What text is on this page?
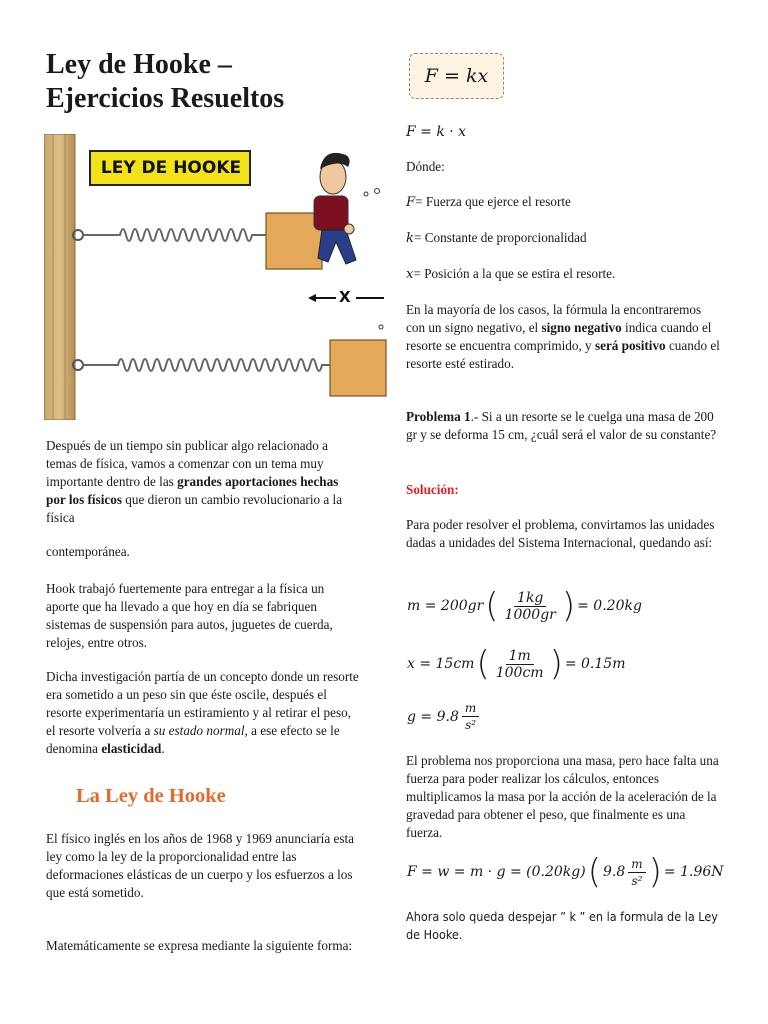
Ley de Hooke –
Ejercicios Resueltos
LEY DE HOOKE
X

Después de un tiempo sin publicar algo relacionado a temas de física, vamos a comenzar con un tema muy importante dentro de las grandes aportaciones hechas por los físicos que dieron un cambio revolucionario a la física

contemporánea.

Hook trabajó fuertemente para entregar a la física un aporte que ha llevado a que hoy en día se fabriquen sistemas de suspensión para autos, juguetes de cuerda, relojes, entre otros.

Dicha investigación partía de un concepto donde un resorte era sometido a un peso sin que éste oscile, después el resorte experimentaría un estiramiento y al retirar el peso, el resorte volvería a su estado normal, a ese efecto se le denomina elasticidad.

La Ley de Hooke

El físico inglés en los años de 1968 y 1969 anunciaría esta ley como la ley de la proporcionalidad entre las deformaciones elásticas de un cuerpo y los esfuerzos a los que está sometido.

Matemáticamente se expresa mediante la siguiente forma:

F = kx
F = k · x

Dónde:

F= Fuerza que ejerce el resorte

k= Constante de proporcionalidad

x= Posición a la que se estira el resorte.

En la mayoría de los casos, la fórmula la encontraremos con un signo negativo, el signo negativo indica cuando el resorte se encuentra comprimido, y será positivo cuando el resorte esté estirado.

Problema 1.- Si a un resorte se le cuelga una masa de 200 gr y se deforma 15 cm, ¿cuál será el valor de su constante?

Solución:

Para poder resolver el problema, convirtamos las unidades dadas a unidades del Sistema Internacional, quedando así:

m = 200gr ( $\frac{1kg}{1000gr}$ ) = 0.20kg
x = 15cm ( $\frac{1m}{100cm}$ ) = 0.15m
$g = 9.8 \frac{m}{\text{s²}}$

El problema nos proporciona una masa, pero hace falta una fuerza para poder realizar los cálculos, entonces multiplicamos la masa por la acción de la aceleración de la gravedad para obtener el peso, que finalmente es una fuerza.

F = w = m · g = (0.20kg) ( $9.8 \frac{m}{\text{s²}}$ ) = 1.96N

Ahora solo queda despejar ” k ” en la formula de la Ley de Hooke.
